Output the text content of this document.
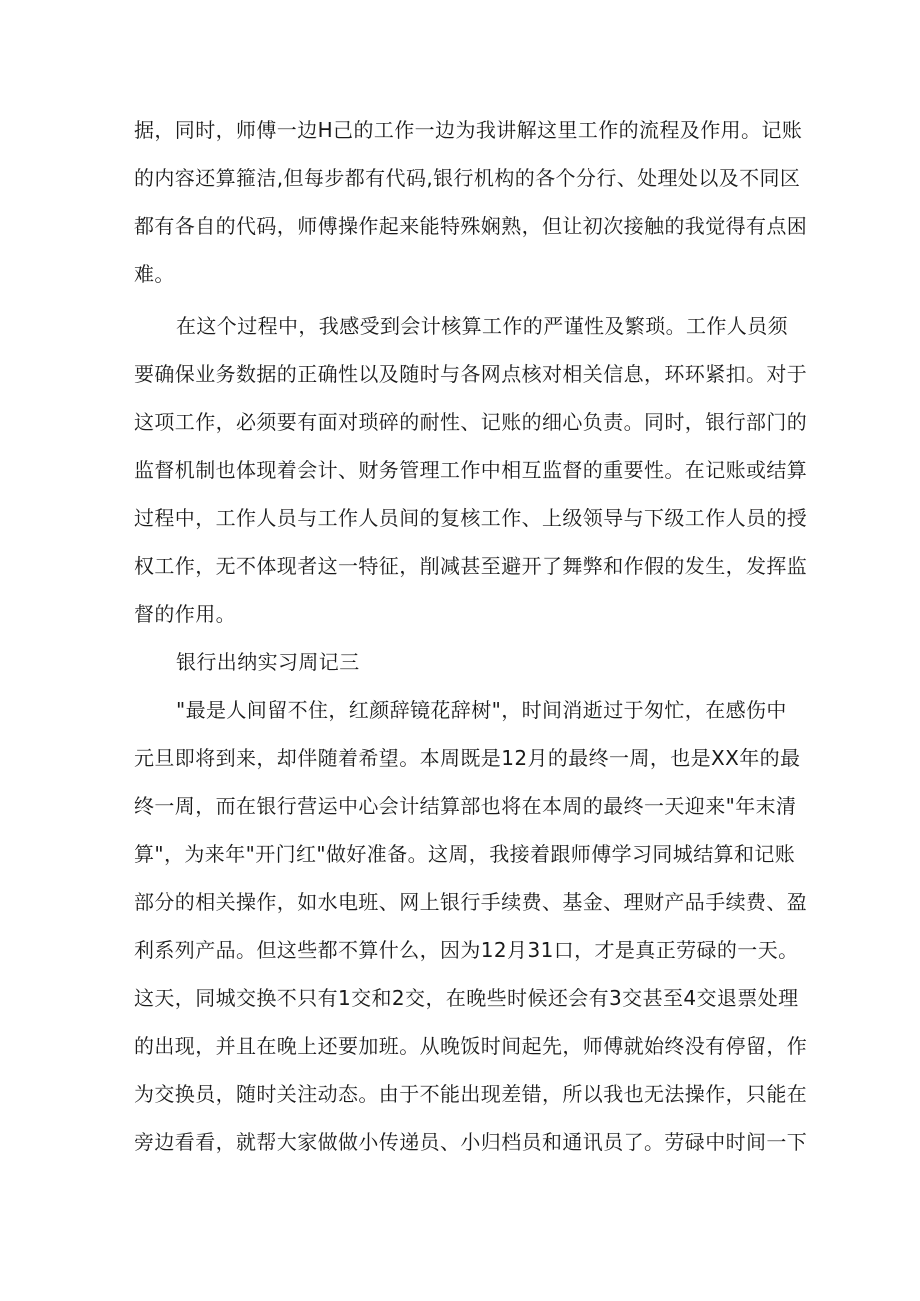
据，同时，师傅一边H己的工作一边为我讲解这里工作的流程及作用。记账
的内容还算箍洁,但每步都有代码,银行机构的各个分行、处理处以及不同区
都有各自的代码，师傅操作起来能特殊娴熟，但让初次接触的我觉得有点困
难。
在这个过程中，我感受到会计核算工作的严谨性及繁琐。工作人员须
要确保业务数据的正确性以及随时与各网点核对相关信息，环环紧扣。对于
这项工作，必须要有面对琐碎的耐性、记账的细心负责。同时，银行部门的
监督机制也体现着会计、财务管理工作中相互监督的重要性。在记账或结算
过程中，工作人员与工作人员间的复核工作、上级领导与下级工作人员的授
权工作，无不体现者这一特征，削减甚至避开了舞弊和作假的发生，发挥监
督的作用。
银行出纳实习周记三
"最是人间留不住，红颜辞镜花辞树"，时间消逝过于匆忙，在感伤中
元旦即将到来，却伴随着希望。本周既是12月的最终一周，也是XX年的最
终一周，而在银行营运中心会计结算部也将在本周的最终一天迎来"年末清
算"，为来年"开门红"做好准备。这周，我接着跟师傅学习同城结算和记账
部分的相关操作，如水电班、网上银行手续费、基金、理财产品手续费、盈
利系列产品。但这些都不算什么，因为12月31口，才是真正劳碌的一天。
这天，同城交换不只有1交和2交，在晚些时候还会有3交甚至4交退票处理
的出现，并且在晚上还要加班。从晚饭时间起先，师傅就始终没有停留，作
为交换员，随时关注动态。由于不能出现差错，所以我也无法操作，只能在
旁边看看，就帮大家做做小传递员、小归档员和通讯员了。劳碌中时间一下
